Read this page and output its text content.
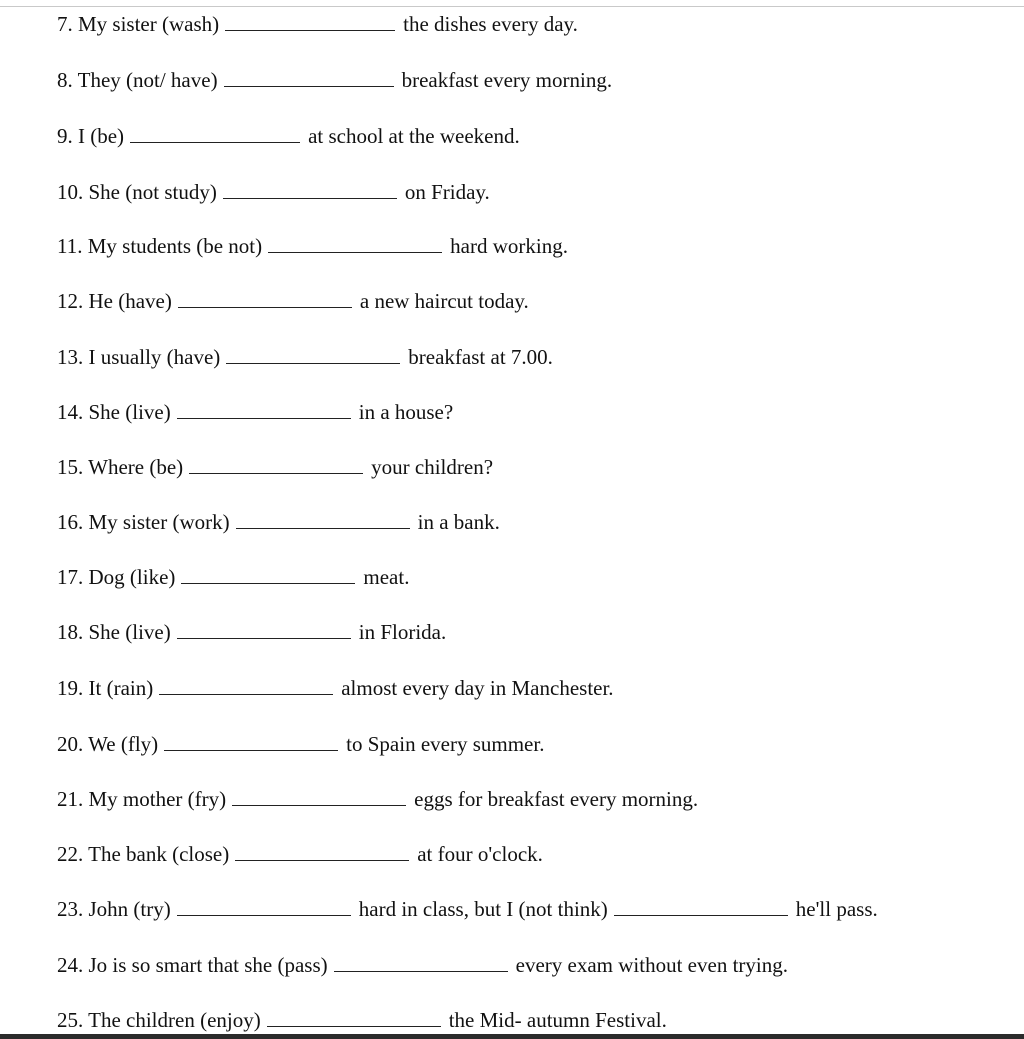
7. My sister (wash)	the dishes every day.
8. They (not/ have)	breakfast every morning.
9. I (be)	at school at the weekend.
10. She (not study)	on Friday.
11. My students (be not)	hard working.
12. He (have)	a new haircut today.
13. I usually (have)	breakfast at 7.00.
14. She (live)	in a house?
15. Where (be)	your children?
16. My sister (work)	in a bank.
17. Dog (like)	meat.
18. She (live)	in Florida.
19. It (rain)	almost every day in Manchester.
20. We (fly)	to Spain every summer.
21. My mother (fry)	eggs for breakfast every morning.
22. The bank (close)	at four o'clock.
23. John (try)	hard in class, but I (not think)	he'll pass.
24. Jo is so smart that she (pass)	every exam without even trying.
25. The children (enjoy)	the Mid- autumn Festival.
